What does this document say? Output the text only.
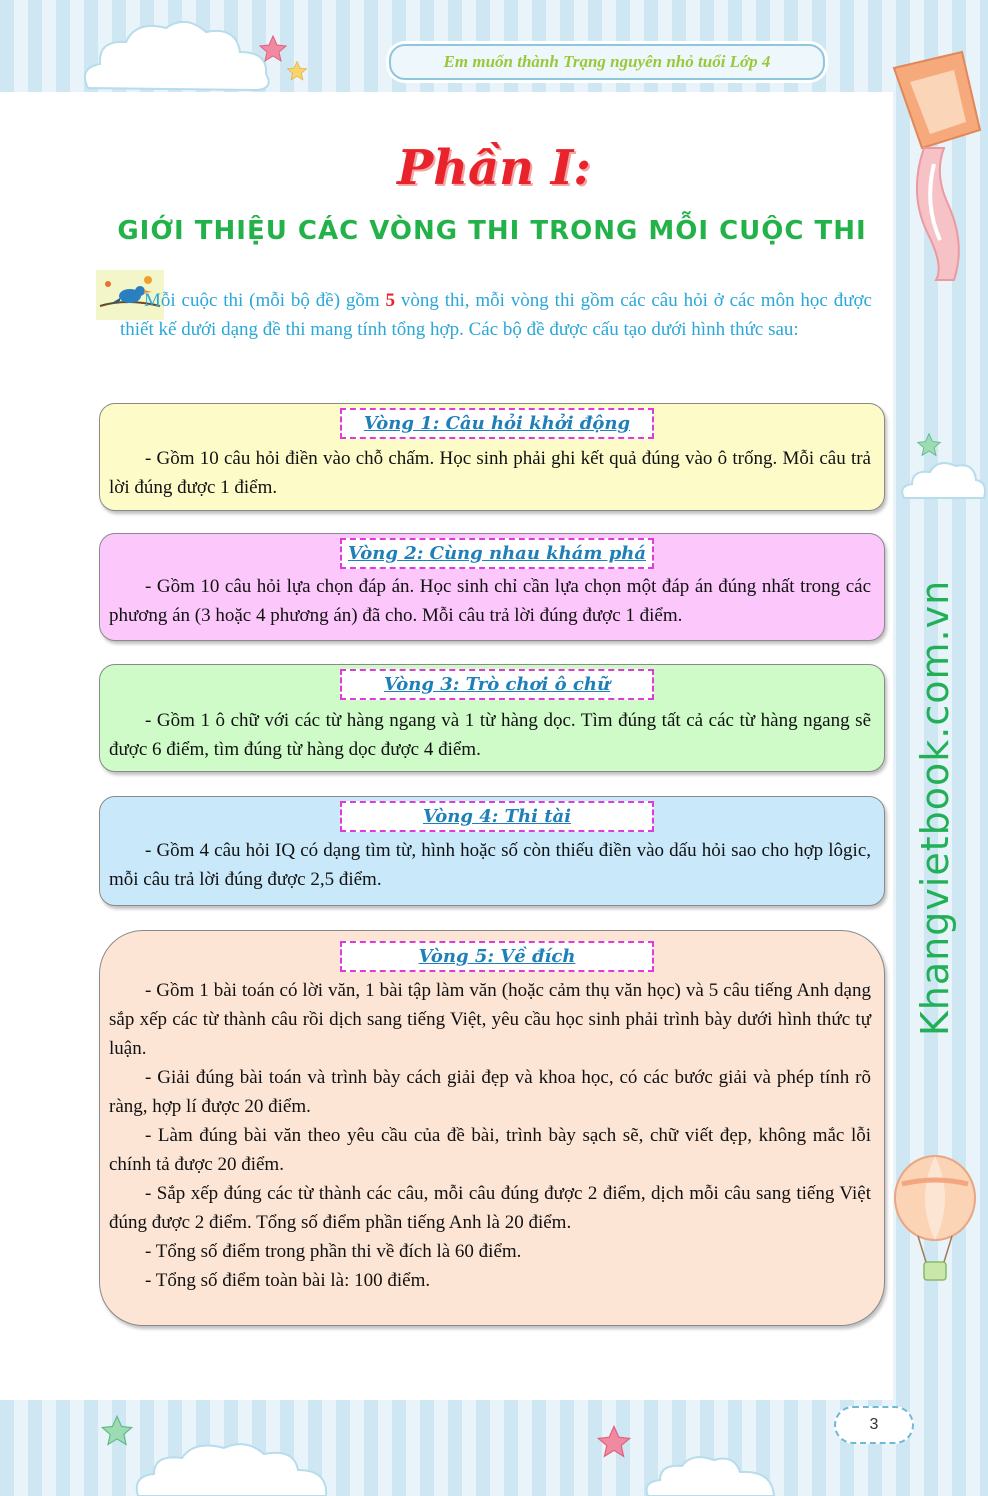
Em muốn thành Trạng nguyên nhỏ tuổi Lớp 4
Phần I:
GIỚI THIỆU CÁC VÒNG THI TRONG MỖI CUỘC THI
Mỗi cuộc thi (mỗi bộ đề) gồm 5 vòng thi, mỗi vòng thi gồm các câu hỏi ở các môn học được thiết kế dưới dạng đề thi mang tính tổng hợp. Các bộ đề được cấu tạo dưới hình thức sau:
Vòng 1: Câu hỏi khởi động

- Gồm 10 câu hỏi điền vào chỗ chấm. Học sinh phải ghi kết quả đúng vào ô trống. Mỗi câu trả lời đúng được 1 điểm.

Vòng 2: Cùng nhau khám phá

- Gồm 10 câu hỏi lựa chọn đáp án. Học sinh chỉ cần lựa chọn một đáp án đúng nhất trong các phương án (3 hoặc 4 phương án) đã cho. Mỗi câu trả lời đúng được 1 điểm.

Vòng 3: Trò chơi ô chữ

- Gồm 1 ô chữ với các từ hàng ngang và 1 từ hàng dọc. Tìm đúng tất cả các từ hàng ngang sẽ được 6 điểm, tìm đúng từ hàng dọc được 4 điểm.

Vòng 4: Thi tài

- Gồm 4 câu hỏi IQ có dạng tìm từ, hình hoặc số còn thiếu điền vào dấu hỏi sao cho hợp lôgic, mỗi câu trả lời đúng được 2,5 điểm.

Vòng 5: Về đích

- Gồm 1 bài toán có lời văn, 1 bài tập làm văn (hoặc cảm thụ văn học) và 5 câu tiếng Anh dạng sắp xếp các từ thành câu rồi dịch sang tiếng Việt, yêu cầu học sinh phải trình bày dưới hình thức tự luận.

- Giải đúng bài toán và trình bày cách giải đẹp và khoa học, có các bước giải và phép tính rõ ràng, hợp lí được 20 điểm.

- Làm đúng bài văn theo yêu cầu của đề bài, trình bày sạch sẽ, chữ viết đẹp, không mắc lỗi chính tả được 20 điểm.

- Sắp xếp đúng các từ thành các câu, mỗi câu đúng được 2 điểm, dịch mỗi câu sang tiếng Việt đúng được 2 điểm. Tổng số điểm phần tiếng Anh là 20 điểm.

- Tổng số điểm trong phần thi về đích là 60 điểm.

- Tổng số điểm toàn bài là: 100 điểm.

Khangvietbook.com.vn
3
